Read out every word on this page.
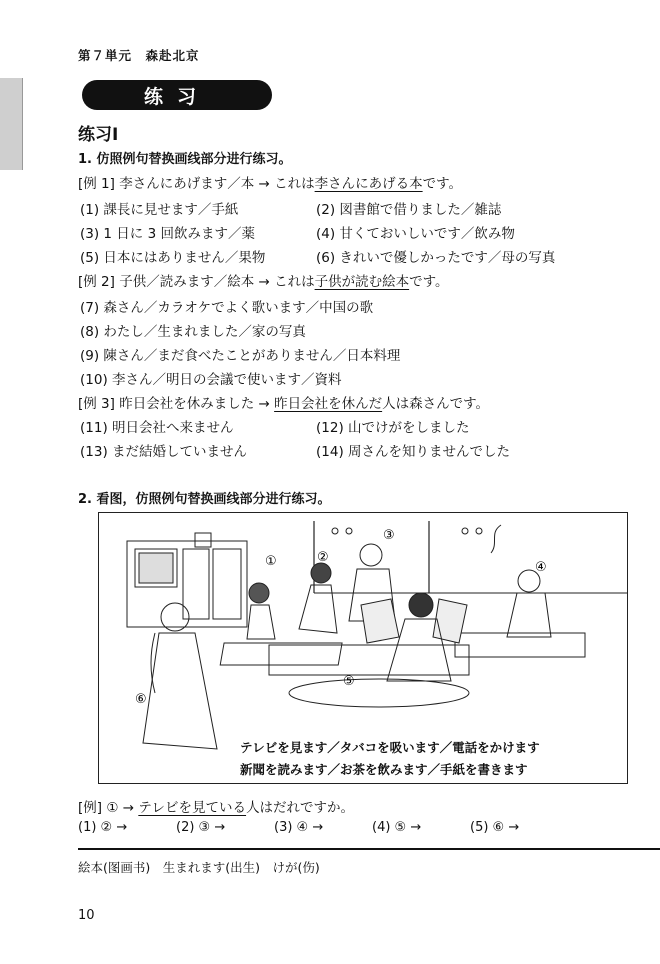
第７単元　森赴北京
练习
练习Ⅰ
1. 仿照例句替换画线部分进行练习。
[例 1] 李さんにあげます／本 → これは李さんにあげる本です。
(1) 課長に見せます／手紙	(2) 図書館で借りました／雑誌
(3) 1 日に 3 回飲みます／薬	(4) 甘くておいしいです／飲み物
(5) 日本にはありません／果物	(6) きれいで優しかったです／母の写真
[例 2] 子供／読みます／絵本 → これは子供が読む絵本です。
(7) 森さん／カラオケでよく歌います／中国の歌
(8) わたし／生まれました／家の写真
(9) 陳さん／まだ食べたことがありません／日本料理
(10) 李さん／明日の会議で使います／資料
[例 3] 昨日会社を休みました → 昨日会社を休んだ人は森さんです。
(11) 明日会社へ来ません	(12) 山でけがをしました
(13) まだ結婚していません	(14) 周さんを知りませんでした
2. 看图，仿照例句替换画线部分进行练习。
①	②
③
④
⑤
⑥
テレビを見ます／タバコを吸います／電話をかけます
新聞を読みます／お茶を飲みます／手紙を書きます
[例] ① → テレビを見ている人はだれですか。
(1) ② →	(2) ③ →	(3) ④ →	(4) ⑤ →	(5) ⑥ →
絵本(图画书)　生まれます(出生)　けが(伤)
10
